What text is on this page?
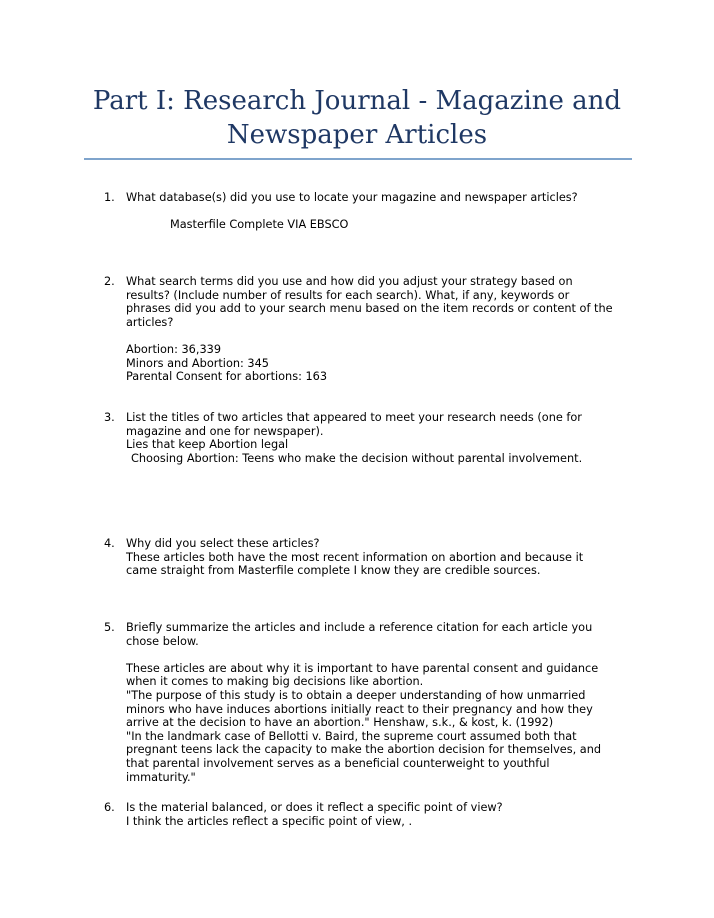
Part I: Research Journal - Magazine and
Newspaper Articles
1. What database(s) did you use to locate your magazine and newspaper articles?
Masterfile Complete VIA EBSCO
2. What search terms did you use and how did you adjust your strategy based on
results? (Include number of results for each search). What, if any, keywords or
phrases did you add to your search menu based on the item records or content of the
articles?
Abortion: 36,339
Minors and Abortion: 345
Parental Consent for abortions: 163
3. List the titles of two articles that appeared to meet your research needs (one for
magazine and one for newspaper).
Lies that keep Abortion legal
Choosing Abortion: Teens who make the decision without parental involvement.
4. Why did you select these articles?
These articles both have the most recent information on abortion and because it
came straight from Masterfile complete I know they are credible sources.
5. Briefly summarize the articles and include a reference citation for each article you
chose below.
These articles are about why it is important to have parental consent and guidance
when it comes to making big decisions like abortion.
"The purpose of this study is to obtain a deeper understanding of how unmarried
minors who have induces abortions initially react to their pregnancy and how they
arrive at the decision to have an abortion." Henshaw, s.k., & kost, k. (1992)
"In the landmark case of Bellotti v. Baird, the supreme court assumed both that
pregnant teens lack the capacity to make the abortion decision for themselves, and
that parental involvement serves as a beneficial counterweight to youthful
immaturity."
6. Is the material balanced, or does it reflect a specific point of view?
I think the articles reflect a specific point of view, .
